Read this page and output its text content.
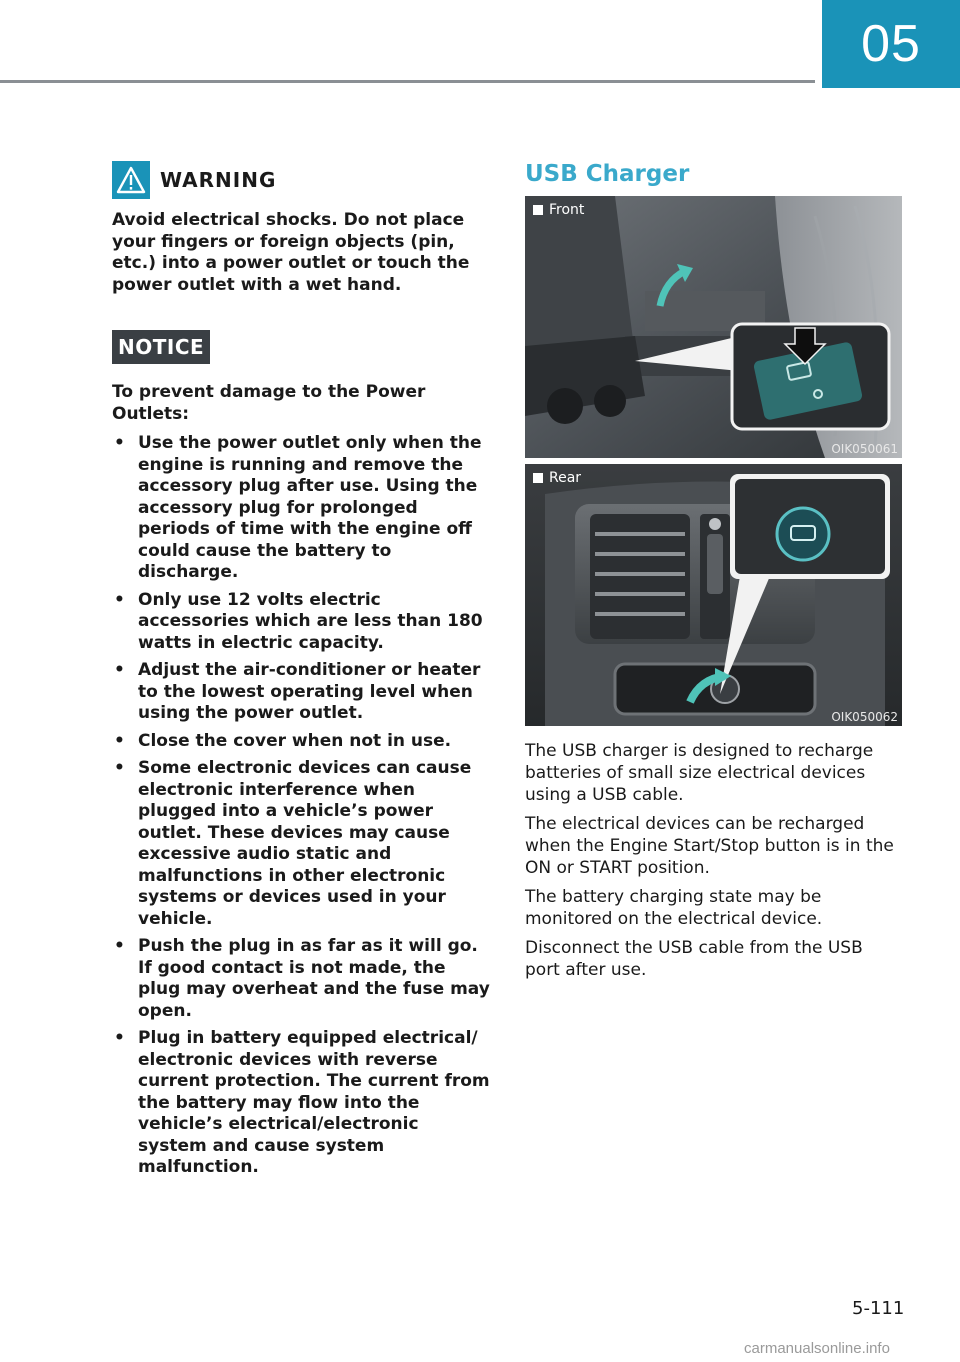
05
WARNING

Avoid electrical shocks. Do not place your fingers or foreign objects (pin, etc.) into a power outlet or touch the power outlet with a wet hand.

NOTICE

To prevent damage to the Power Outlets:

• Use the power outlet only when the engine is running and remove the accessory plug after use. Using the accessory plug for prolonged periods of time with the engine off could cause the battery to discharge.
• Only use 12 volts electric accessories which are less than 180 watts in electric capacity.
• Adjust the air-conditioner or heater to the lowest operating level when using the power outlet.
• Close the cover when not in use.
• Some electronic devices can cause electronic interference when plugged into a vehicle’s power outlet. These devices may cause excessive audio static and malfunctions in other electronic systems or devices used in your vehicle.
• Push the plug in as far as it will go. If good contact is not made, the plug may overheat and the fuse may open.
• Plug in battery equipped electrical/ electronic devices with reverse current protection. The current from the battery may flow into the vehicle’s electrical/electronic system and cause system malfunction.
USB Charger
Front
OIK050061
Rear
OIK050062

The USB charger is designed to recharge batteries of small size electrical devices using a USB cable.

The electrical devices can be recharged when the Engine Start/Stop button is in the ON or START position.

The battery charging state may be monitored on the electrical device.

Disconnect the USB cable from the USB port after use.

5-111
carmanualsonline.info
